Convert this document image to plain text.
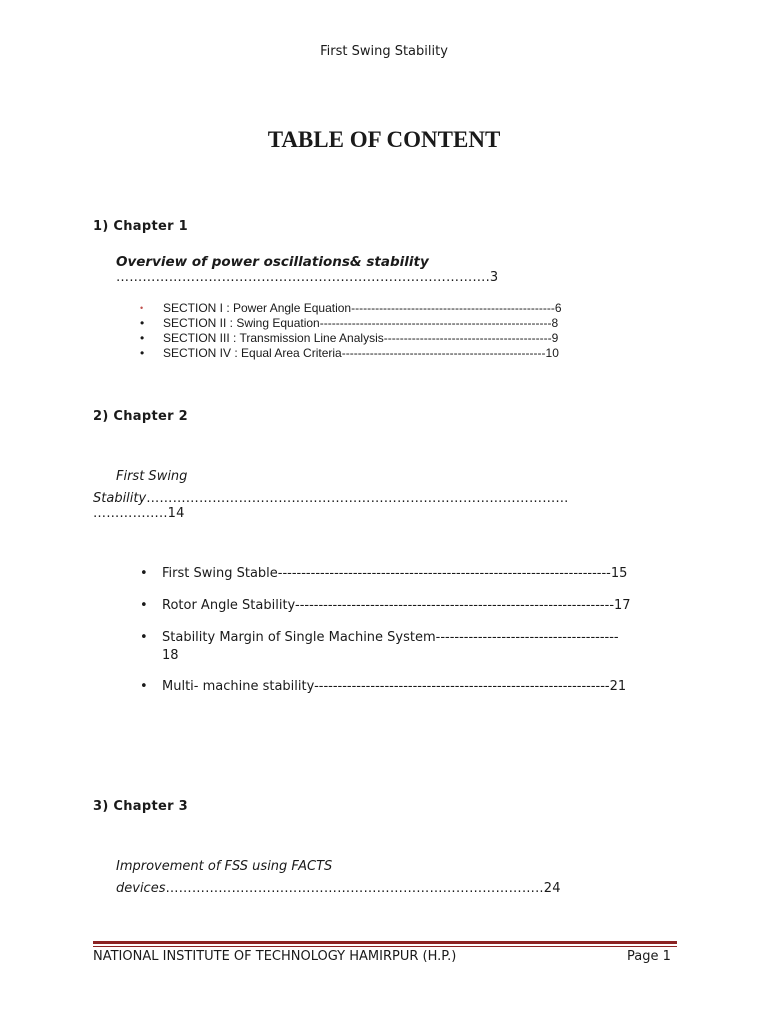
First Swing Stability
TABLE OF CONTENT
1) Chapter 1
Overview of power oscillations& stability
………………………………………………………………………….3
• SECTION I : Power Angle Equation---------------------------------------------------6
• SECTION II : Swing Equation----------------------------------------------------------8
• SECTION III : Transmission Line Analysis------------------------------------------9
• SECTION IV : Equal Area Criteria---------------------------------------------------10
2) Chapter 2
First Swing
Stability……………………………………………………………………………………
……………..14
• First Swing Stable-----------------------------------------------------------------------15
• Rotor Angle Stability--------------------------------------------------------------------17
• Stability Margin of Single Machine System---------------------------------------
18
• Multi- machine stability---------------------------------------------------------------21
3) Chapter 3
Improvement of FSS using FACTS
devices…………………………………………………………………………..24
NATIONAL INSTITUTE OF TECHNOLOGY HAMIRPUR (H.P.)	Page 1
